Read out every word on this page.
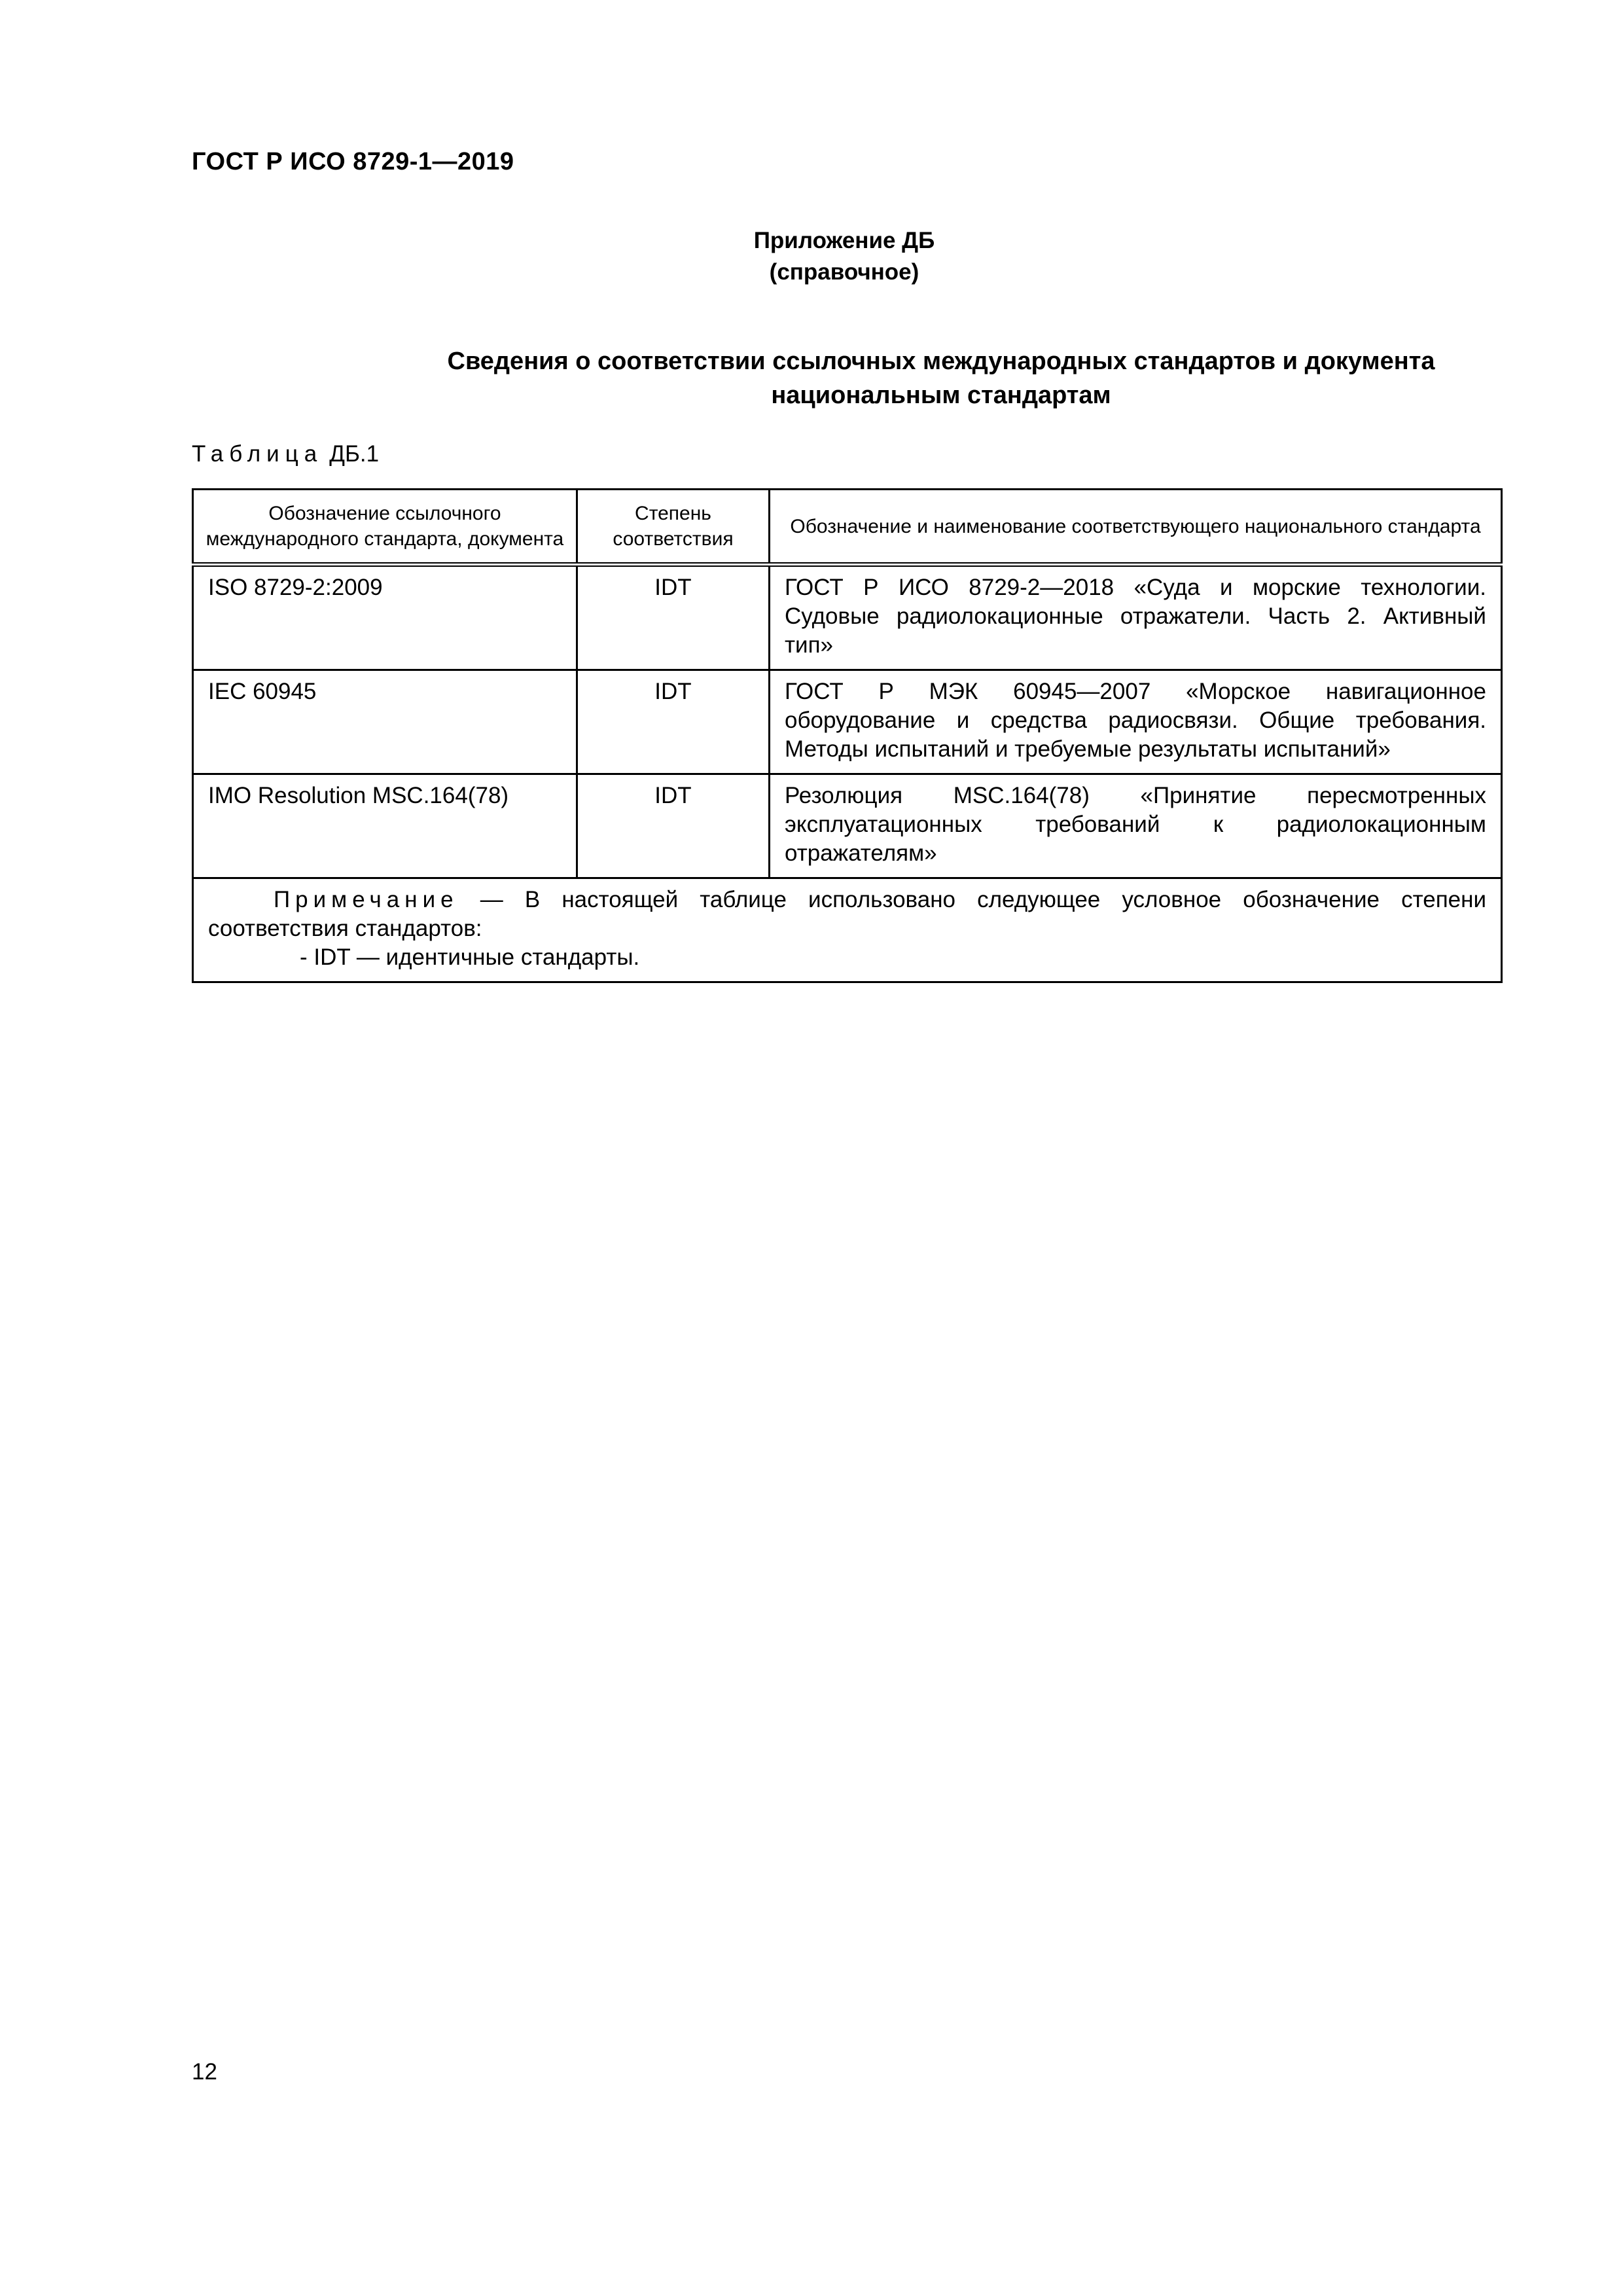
ГОСТ Р ИСО 8729-1—2019
Приложение ДБ
(справочное)
Сведения о соответствии ссылочных международных стандартов и документа
национальным стандартам
Таблица ДБ.1
Обозначение ссылочного международного стандарта, документа	Степень соответствия	Обозначение и наименование соответствующего национального стандарта
ISO 8729-2:2009	IDT	ГОСТ Р ИСО 8729-2—2018 «Суда и морские технологии. Судовые радиолокационные отражатели. Часть 2. Активный тип»
IEC 60945	IDT	ГОСТ Р МЭК 60945—2007 «Морское навигационное оборудование и средства радиосвязи. Общие требования. Методы испытаний и требуемые результаты испытаний»
IMO Resolution MSC.164(78)	IDT	Резолюция MSC.164(78) «Принятие пересмотренных эксплуатационных требований к радиолокационным отражателям»

Примечание — В настоящей таблице использовано следующее условное обозначение степени соответствия стандартов:
- IDT — идентичные стандарты.		
12
